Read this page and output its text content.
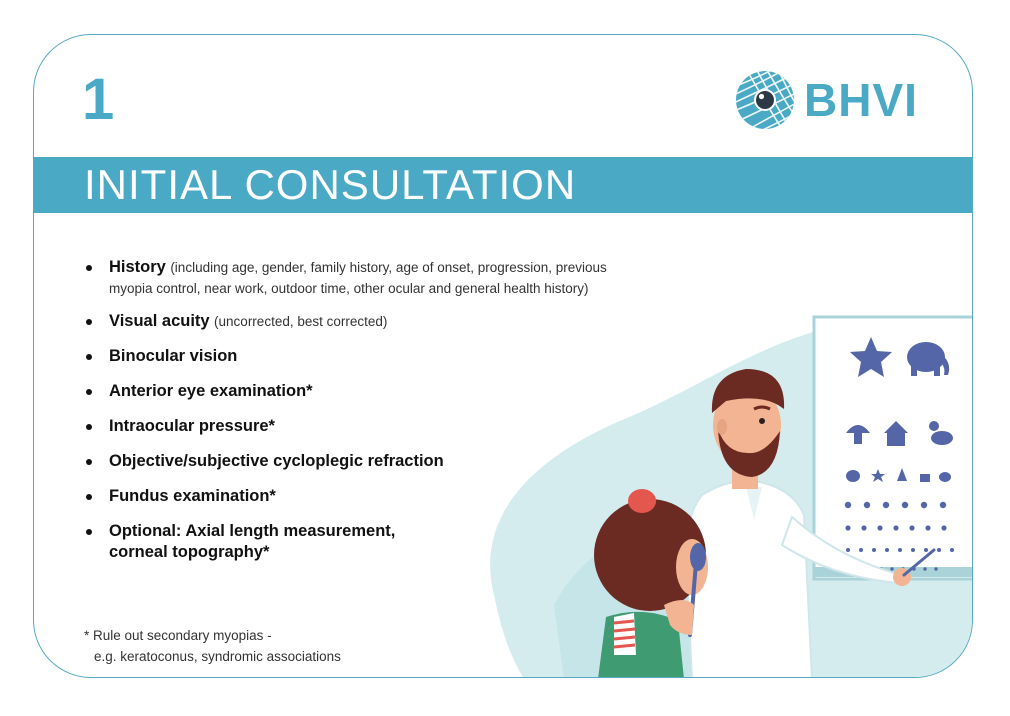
1	BHVI
INITIAL CONSULTATION
History (including age, gender, family history, age of onset, progression, previous myopia control, near work, outdoor time, other ocular and general health history)
Visual acuity (uncorrected, best corrected)
Binocular vision
Anterior eye examination*
Intraocular pressure*
Objective/subjective cycloplegic refraction
Fundus examination*
Optional: Axial length measurement, corneal topography*
* Rule out secondary myopias -
e.g. keratoconus, syndromic associations
